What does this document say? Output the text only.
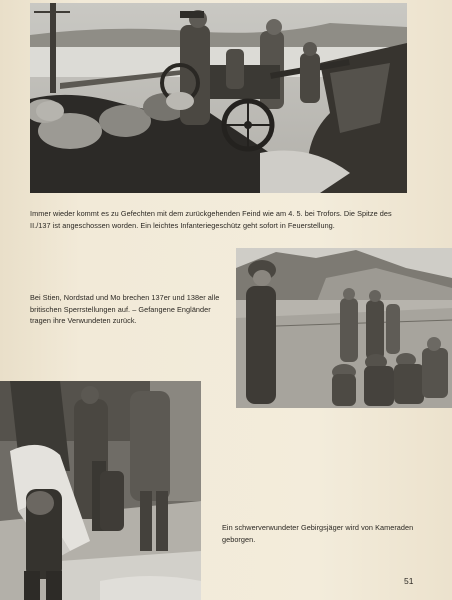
Immer wieder kommt es zu Gefechten mit dem zurückgehenden Feind wie am 4. 5. bei Trofors. Die Spitze des II./137 ist angeschossen worden. Ein leichtes Infanteriegeschütz geht sofort in Feuerstellung.

Bei Stien, Nordstad und Mo brechen 137er und 138er alle britischen Sperrstellungen auf. – Gefangene Engländer tragen ihre Verwundeten zurück.

Ein schwerverwundeter Gebirgsjäger wird von Kameraden geborgen.

51
